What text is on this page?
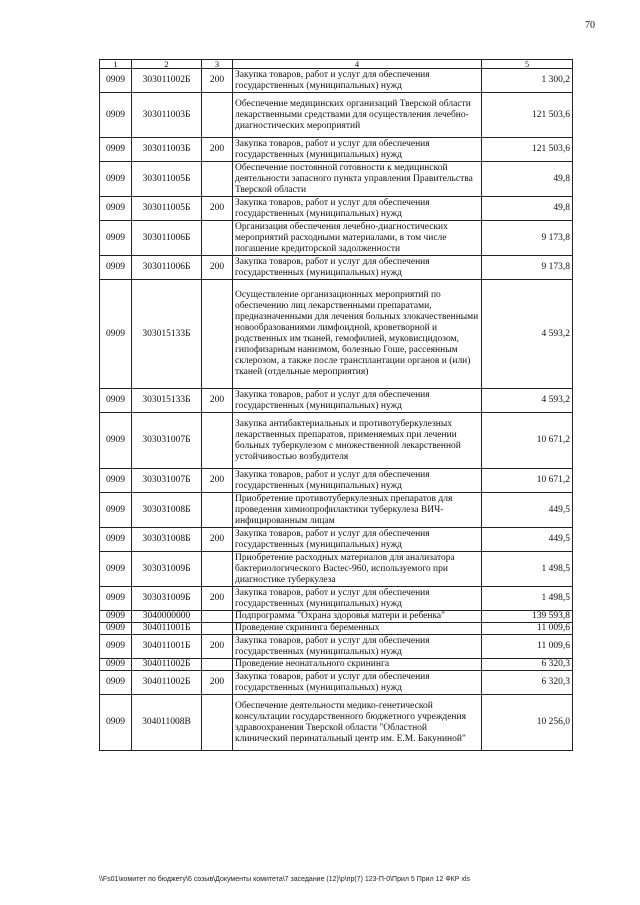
70
1	2	3	4	5
0909	303011002Б	200	Закупка товаров, работ и услуг для обеспечения государственных (муниципальных) нужд	1 300,2
0909	303011003Б		Обеспечение медицинских организаций Тверской области лекарственными средствами для осуществления лечебно-диагностических мероприятий	121 503,6
0909	303011003Б	200	Закупка товаров, работ и услуг для обеспечения государственных (муниципальных) нужд	121 503,6
0909	303011005Б		Обеспечение постоянной готовности к медицинской деятельности запасного пункта управления Правительства Тверской области	49,8
0909	303011005Б	200	Закупка товаров, работ и услуг для обеспечения государственных (муниципальных) нужд	49,8
0909	303011006Б		Организация обеспечения лечебно-диагностических мероприятий расходными материалами, в том числе погашение кредиторской задолженности	9 173,8
0909	303011006Б	200	Закупка товаров, работ и услуг для обеспечения государственных (муниципальных) нужд	9 173,8
0909	303015133Б		Осуществление организационных мероприятий по обеспечению лиц лекарственными препаратами, предназначенными для лечения больных злокачественными новообразованиями лимфоидной, кроветворной и родственных им тканей, гемофилией, муковисцидозом, гипофизарным нанизмом, болезнью Гоше, рассеянным склерозом, а также после трансплантации органов и (или) тканей (отдельные мероприятия)	4 593,2
0909	303015133Б	200	Закупка товаров, работ и услуг для обеспечения государственных (муниципальных) нужд	4 593,2
0909	303031007Б		Закупка антибактериальных и противотуберкулезных лекарственных препаратов, применяемых при лечении больных туберкулезом с множественной лекарственной устойчивостью возбудителя	10 671,2
0909	303031007Б	200	Закупка товаров, работ и услуг для обеспечения государственных (муниципальных) нужд	10 671,2
0909	303031008Б		Приобретение противотуберкулезных препаратов для проведения химиопрофилактики туберкулеза ВИЧ-инфицированным лицам	449,5
0909	303031008Б	200	Закупка товаров, работ и услуг для обеспечения государственных (муниципальных) нужд	449,5
0909	303031009Б		Приобретение расходных материалов для анализатора бактериологического Bactec-960, используемого при диагностике туберкулеза	1 498,5
0909	303031009Б	200	Закупка товаров, работ и услуг для обеспечения государственных (муниципальных) нужд	1 498,5
0909	3040000000		Подпрограмма "Охрана здоровья матери и ребенка"	139 593,8
0909	304011001Б		Проведение скрининга беременных	11 009,6
0909	304011001Б	200	Закупка товаров, работ и услуг для обеспечения государственных (муниципальных) нужд	11 009,6
0909	304011002Б		Проведение неонатального скрининга	6 320,3
0909	304011002Б	200	Закупка товаров, работ и услуг для обеспечения государственных (муниципальных) нужд	6 320,3
0909	304011008В		Обеспечение деятельности медико-генетической консультации государственного бюджетного учреждения здравоохранения Тверской области "Областной клинический перинатальный центр им. Е.М. Бакуниной"	10 256,0
\\Fs01\комитет по бюджету\6 созыв\Документы комитета\7 заседание (12)\р\пр(7) 123-П-0\Прил 5 Прил 12 ФКР xls
